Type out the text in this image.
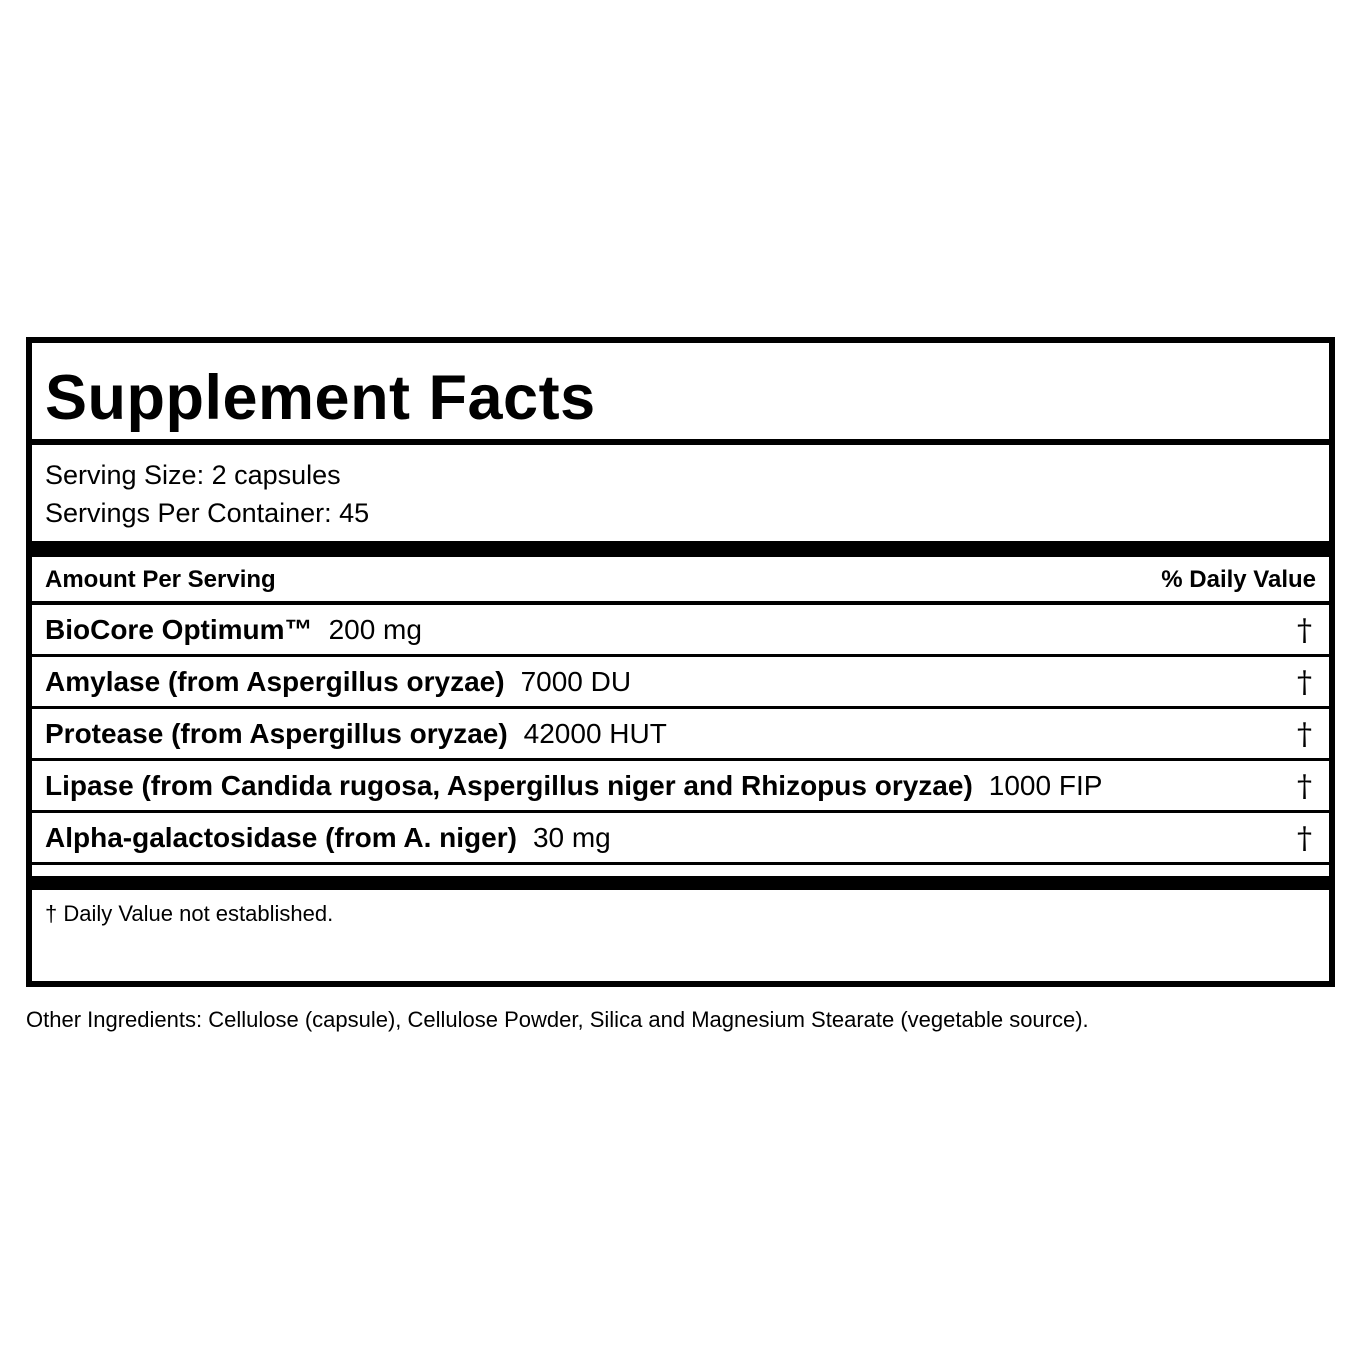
Supplement Facts
Serving Size: 2 capsules
Servings Per Container: 45
Amount Per Serving	% Daily Value
BioCore Optimum™ 200 mg	†
Amylase (from Aspergillus oryzae) 7000 DU	†
Protease (from Aspergillus oryzae) 42000 HUT	†
Lipase (from Candida rugosa, Aspergillus niger and Rhizopus oryzae) 1000 FIP	†
Alpha-galactosidase (from A. niger) 30 mg	†
† Daily Value not established.
Other Ingredients: Cellulose (capsule), Cellulose Powder, Silica and Magnesium Stearate (vegetable source).
